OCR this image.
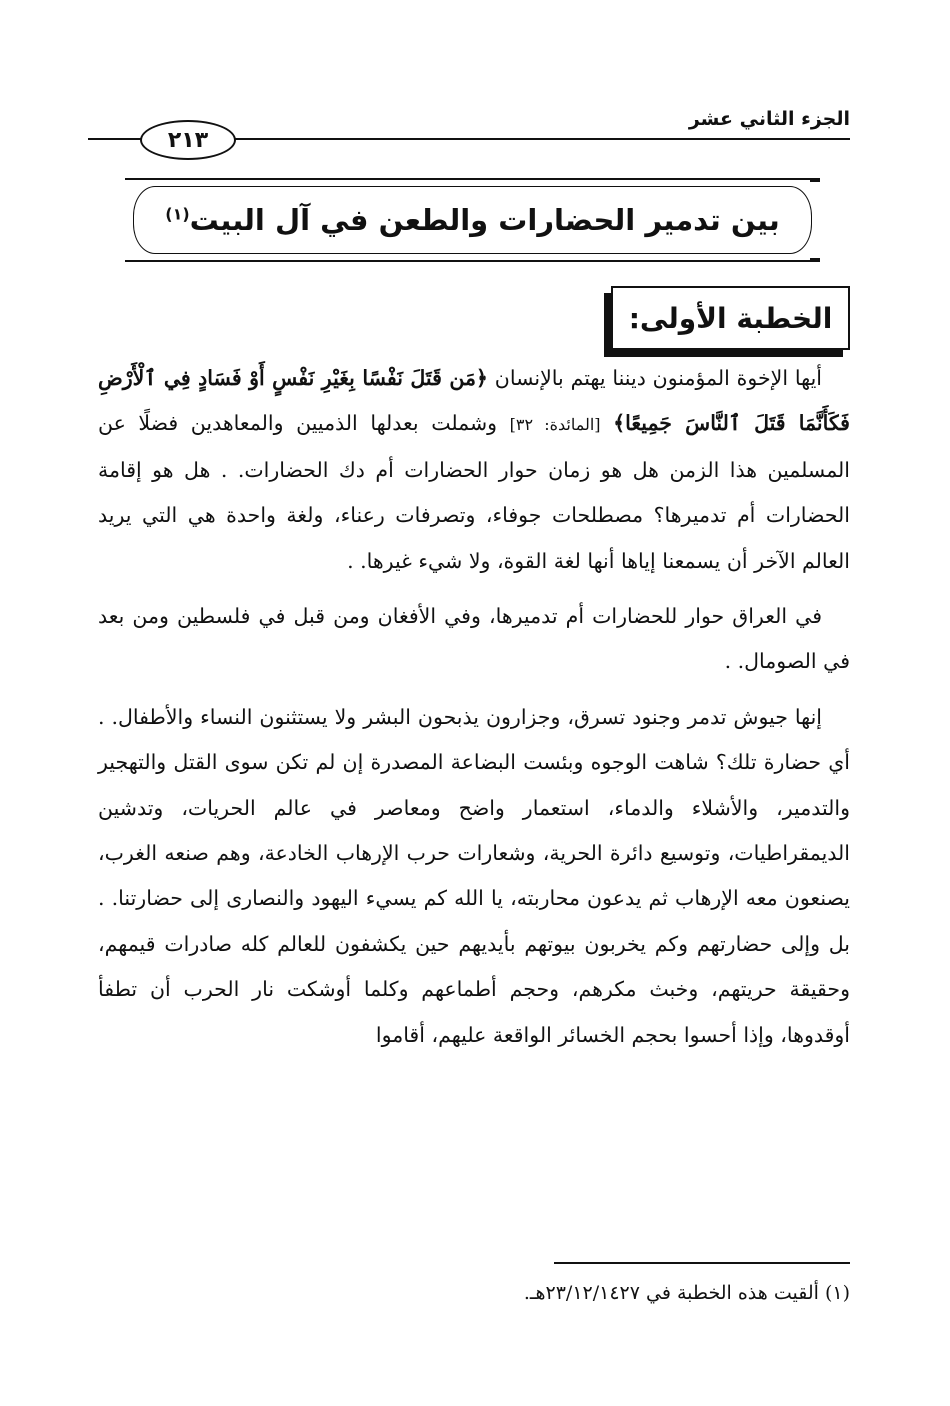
الجزء الثاني عشر
٢١٣
بين تدمير الحضارات والطعن في آل البيت$^{(١)}$
الخطبة الأولى:

أيها الإخوة المؤمنون ديننا يهتم بالإنسان ﴿مَن قَتَلَ نَفْسًا بِغَيْرِ نَفْسٍ أَوْ فَسَادٍ فِي ٱلْأَرْضِ فَكَأَنَّمَا قَتَلَ ٱلنَّاسَ جَمِيعًا﴾ [المائدة: ٣٢] وشملت بعدلها الذميين والمعاهدين فضلًا عن المسلمين هذا الزمن هل هو زمان حوار الحضارات أم دك الحضارات. . هل هو إقامة الحضارات أم تدميرها؟ مصطلحات جوفاء، وتصرفات رعناء، ولغة واحدة هي التي يريد العالم الآخر أن يسمعنا إياها أنها لغة القوة، ولا شيء غيرها. .

في العراق حوار للحضارات أم تدميرها، وفي الأفغان ومن قبل في فلسطين ومن بعد في الصومال. .

إنها جيوش تدمر وجنود تسرق، وجزارون يذبحون البشر ولا يستثنون النساء والأطفال. . أي حضارة تلك؟ شاهت الوجوه وبئست البضاعة المصدرة إن لم تكن سوى القتل والتهجير والتدمير، والأشلاء والدماء، استعمار واضح ومعاصر في عالم الحريات، وتدشين الديمقراطيات، وتوسيع دائرة الحرية، وشعارات حرب الإرهاب الخادعة، وهم صنعه الغرب، يصنعون معه الإرهاب ثم يدعون محاربته، يا الله كم يسيء اليهود والنصارى إلى حضارتنا. . بل وإلى حضارتهم وكم يخربون بيوتهم بأيديهم حين يكشفون للعالم كله صادرات قيمهم، وحقيقة حريتهم، وخبث مكرهم، وحجم أطماعهم وكلما أوشكت نار الحرب أن تطفأ أوقدوها، وإذا أحسوا بحجم الخسائر الواقعة عليهم، أقاموا

(١) ألقيت هذه الخطبة في ٢٣/١٢/١٤٢٧هـ.
